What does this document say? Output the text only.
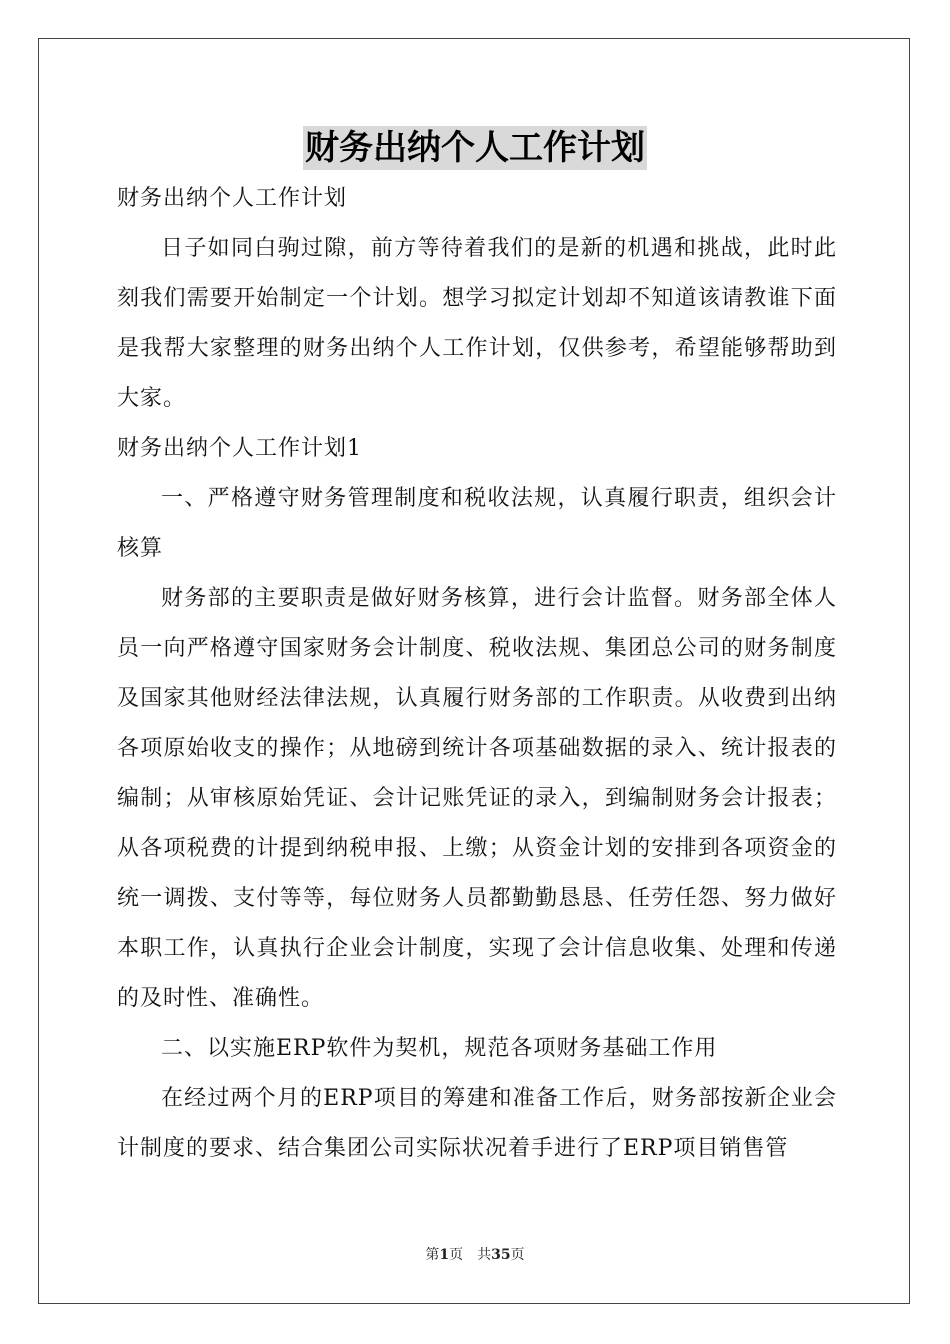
财务出纳个人工作计划

财务出纳个人工作计划

日子如同白驹过隙，前方等待着我们的是新的机遇和挑战，此时此刻我们需要开始制定一个计划。想学习拟定计划却不知道该请教谁下面是我帮大家整理的财务出纳个人工作计划，仅供参考，希望能够帮助到大家。

财务出纳个人工作计划1

一、严格遵守财务管理制度和税收法规，认真履行职责，组织会计核算

财务部的主要职责是做好财务核算，进行会计监督。财务部全体人员一向严格遵守国家财务会计制度、税收法规、集团总公司的财务制度及国家其他财经法律法规，认真履行财务部的工作职责。从收费到出纳各项原始收支的操作；从地磅到统计各项基础数据的录入、统计报表的编制；从审核原始凭证、会计记账凭证的录入，到编制财务会计报表；从各项税费的计提到纳税申报、上缴；从资金计划的安排到各项资金的统一调拨、支付等等，每位财务人员都勤勤恳恳、任劳任怨、努力做好本职工作，认真执行企业会计制度，实现了会计信息收集、处理和传递的及时性、准确性。

二、以实施ERP软件为契机，规范各项财务基础工作用

在经过两个月的ERP项目的筹建和准备工作后，财务部按新企业会计制度的要求、结合集团公司实际状况着手进行了ERP项目销售管

第1页 共35页
